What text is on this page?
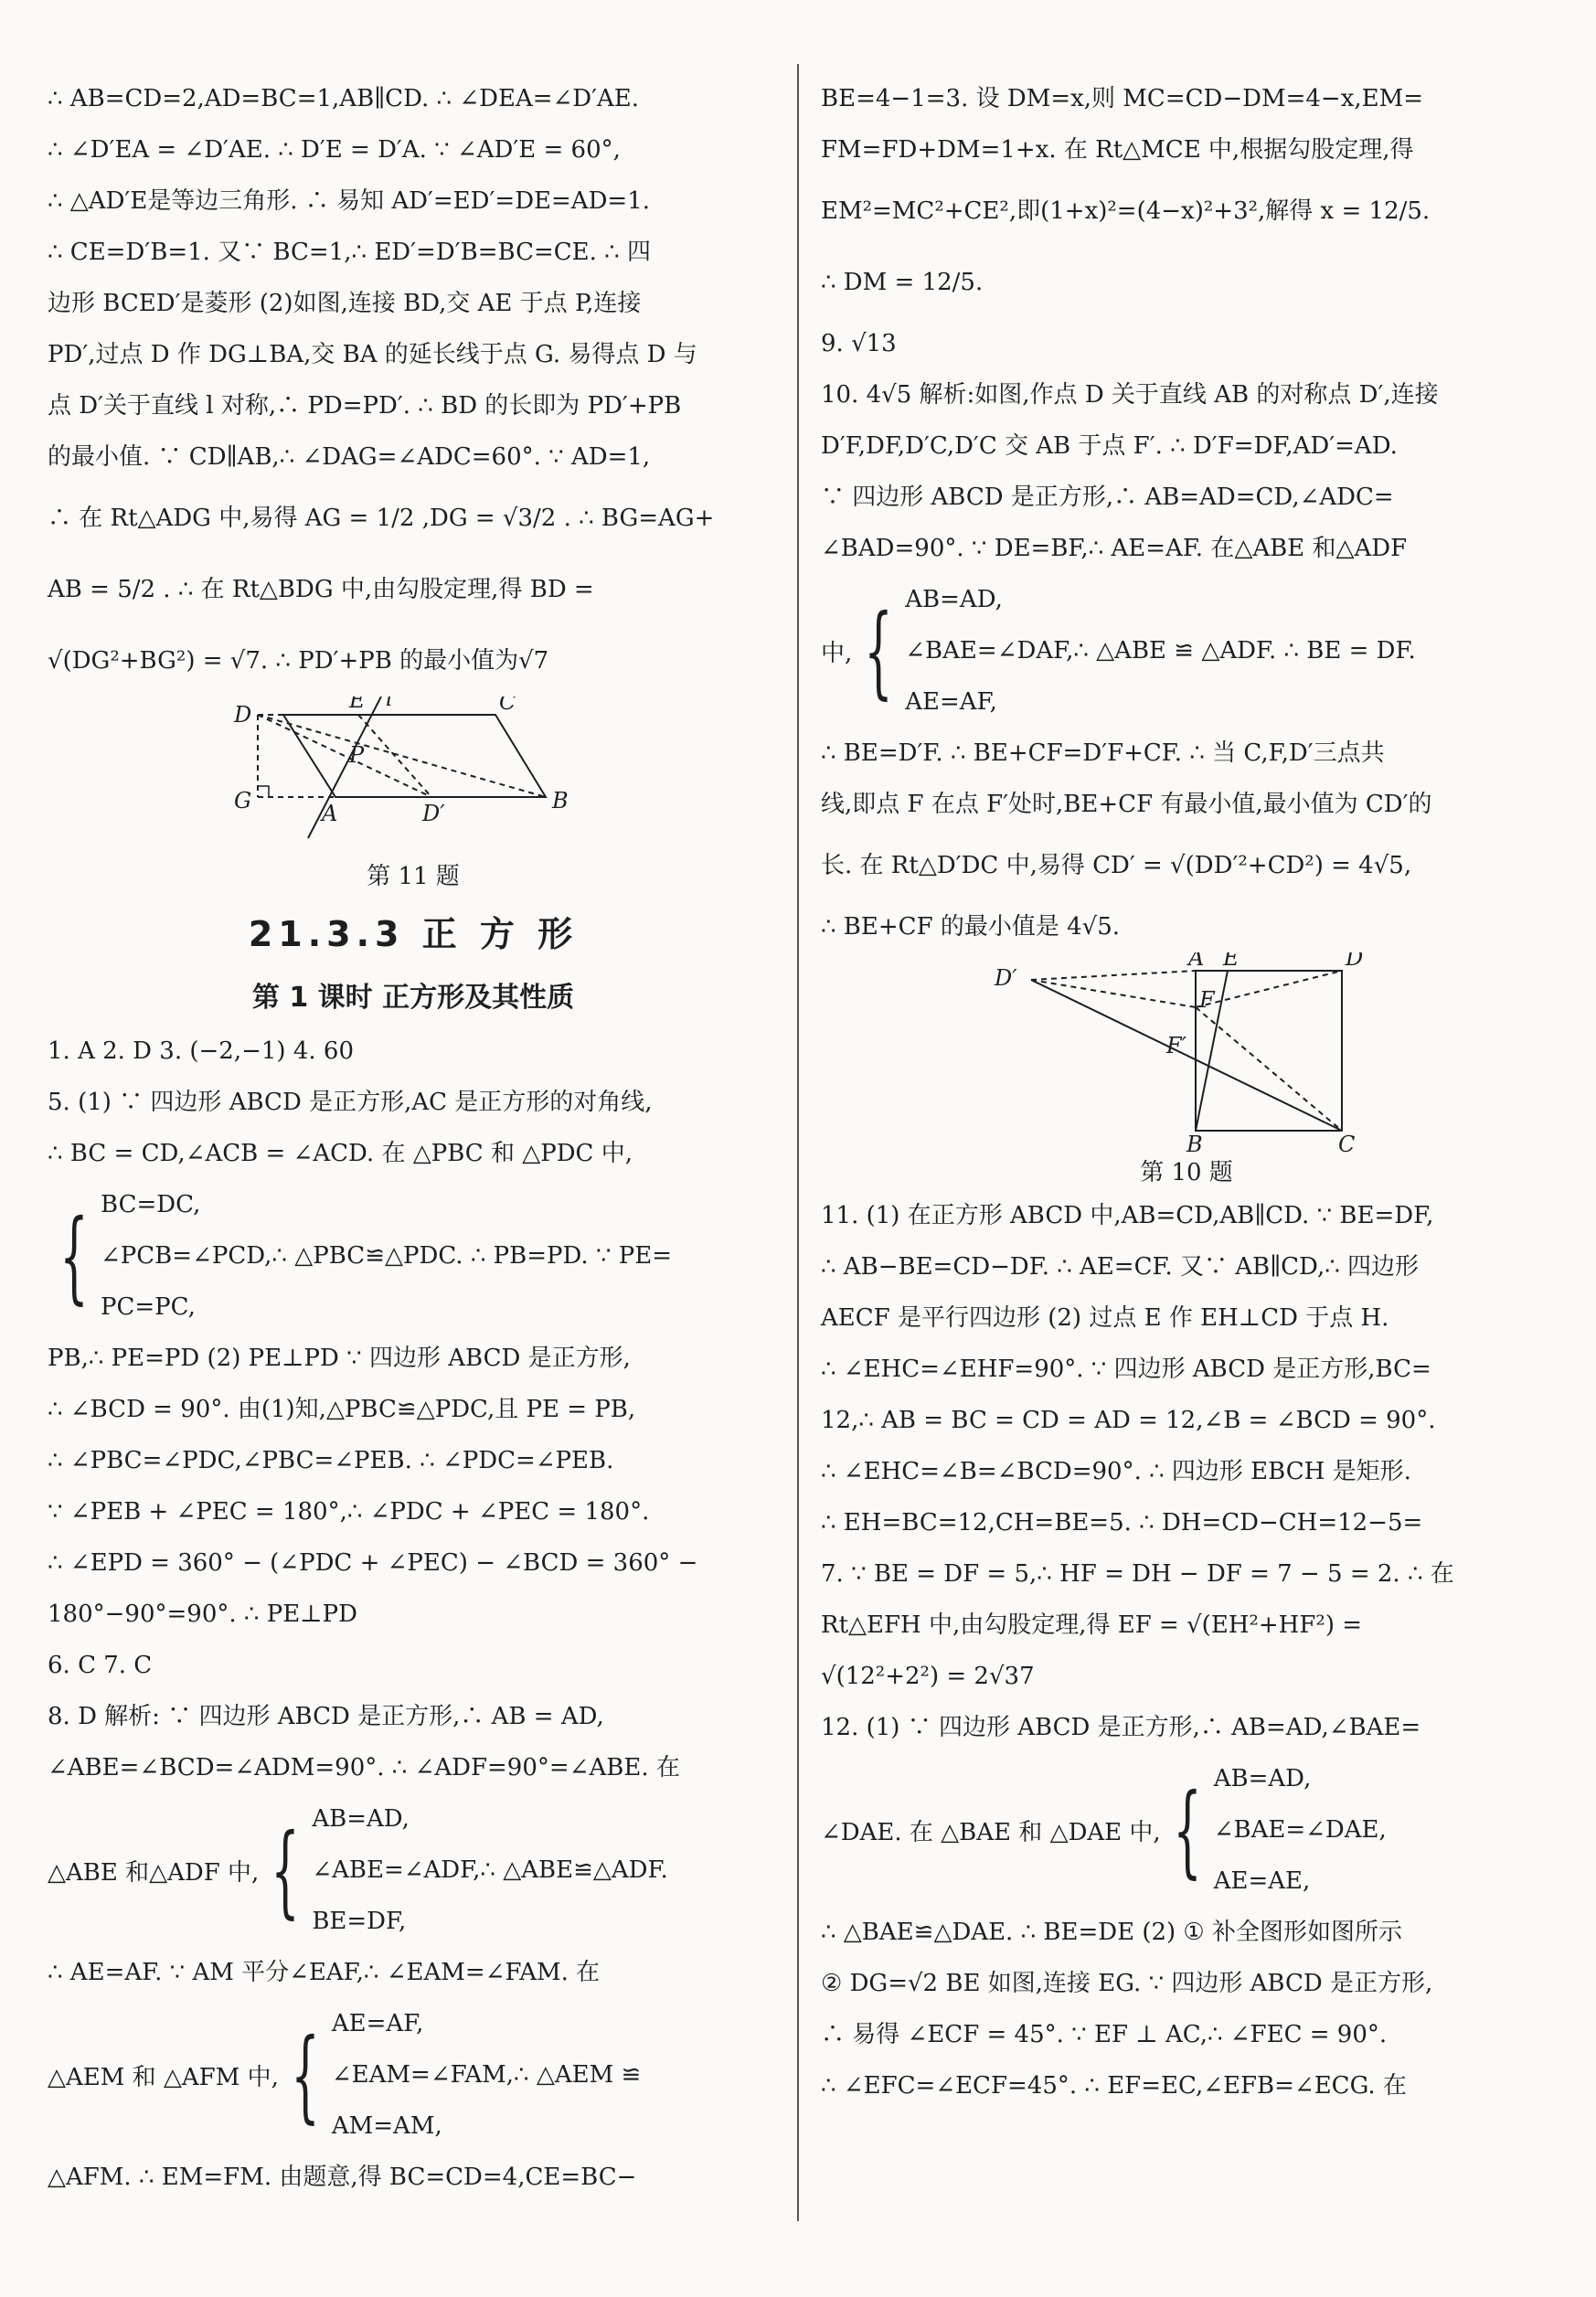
∴ AB=CD=2,AD=BC=1,AB∥CD. ∴ ∠DEA=∠D′AE.
∴ ∠D′EA = ∠D′AE. ∴ D′E = D′A. ∵ ∠AD′E = 60°,
∴ △AD′E是等边三角形. ∴ 易知 AD′=ED′=DE=AD=1.
∴ CE=D′B=1. 又∵ BC=1,∴ ED′=D′B=BC=CE. ∴ 四
边形 BCED′是菱形 (2)如图,连接 BD,交 AE 于点 P,连接
PD′,过点 D 作 DG⊥BA,交 BA 的延长线于点 G. 易得点 D 与
点 D′关于直线 l 对称,∴ PD=PD′. ∴ BD 的长即为 PD′+PB
的最小值. ∵ CD∥AB,∴ ∠DAG=∠ADC=60°. ∵ AD=1,
∴ 在 Rt△ADG 中,易得 AG = 1/2 ,DG = √3/2 . ∴ BG=AG+
AB = 5/2 . ∴ 在 Rt△BDG 中,由勾股定理,得 BD =
√(DG²+BG²) = √7. ∴ PD′+PB 的最小值为√7
D
E l	C
P
G	A	D′	B
第 11 题
21.3.3 正 方 形
第 1 课时 正方形及其性质
1. A 2. D 3. (−2,−1) 4. 60
5. (1) ∵ 四边形 ABCD 是正方形,AC 是正方形的对角线,
∴ BC = CD,∠ACB = ∠ACD. 在 △PBC 和 △PDC 中,
{ BC=DC,
∠PCB=∠PCD,∴ △PBC≌△PDC. ∴ PB=PD. ∵ PE=
PC=PC,
PB,∴ PE=PD (2) PE⊥PD ∵ 四边形 ABCD 是正方形,
∴ ∠BCD = 90°. 由(1)知,△PBC≌△PDC,且 PE = PB,
∴ ∠PBC=∠PDC,∠PBC=∠PEB. ∴ ∠PDC=∠PEB.
∵ ∠PEB + ∠PEC = 180°,∴ ∠PDC + ∠PEC = 180°.
∴ ∠EPD = 360° − (∠PDC + ∠PEC) − ∠BCD = 360° −
180°−90°=90°. ∴ PE⊥PD
6. C 7. C
8. D 解析: ∵ 四边形 ABCD 是正方形,∴ AB = AD,
∠ABE=∠BCD=∠ADM=90°. ∴ ∠ADF=90°=∠ABE. 在
△ABE 和△ADF 中, { AB=AD,
∠ABE=∠ADF,∴ △ABE≌△ADF.
BE=DF,
∴ AE=AF. ∵ AM 平分∠EAF,∴ ∠EAM=∠FAM. 在
△AEM 和 △AFM 中, { AE=AF,
∠EAM=∠FAM,∴ △AEM ≌
AM=AM,
△AFM. ∴ EM=FM. 由题意,得 BC=CD=4,CE=BC−
BE=4−1=3. 设 DM=x,则 MC=CD−DM=4−x,EM=
FM=FD+DM=1+x. 在 Rt△MCE 中,根据勾股定理,得
EM²=MC²+CE²,即(1+x)²=(4−x)²+3²,解得 x = 12/5.
∴ DM = 12/5.
9. √13
10. 4√5 解析:如图,作点 D 关于直线 AB 的对称点 D′,连接
D′F,DF,D′C,D′C 交 AB 于点 F′. ∴ D′F=DF,AD′=AD.
∵ 四边形 ABCD 是正方形,∴ AB=AD=CD,∠ADC=
∠BAD=90°. ∵ DE=BF,∴ AE=AF. 在△ABE 和△ADF
中, { AB=AD,
∠BAE=∠DAF,∴ △ABE ≌ △ADF. ∴ BE = DF.
AE=AF,
∴ BE=D′F. ∴ BE+CF=D′F+CF. ∴ 当 C,F,D′三点共
线,即点 F 在点 F′处时,BE+CF 有最小值,最小值为 CD′的
长. 在 Rt△D′DC 中,易得 CD′ = √(DD′²+CD²) = 4√5,
∴ BE+CF 的最小值是 4√5.
D′
A E	D
F
F′
B	C
第 10 题
11. (1) 在正方形 ABCD 中,AB=CD,AB∥CD. ∵ BE=DF,
∴ AB−BE=CD−DF. ∴ AE=CF. 又∵ AB∥CD,∴ 四边形
AECF 是平行四边形 (2) 过点 E 作 EH⊥CD 于点 H.
∴ ∠EHC=∠EHF=90°. ∵ 四边形 ABCD 是正方形,BC=
12,∴ AB = BC = CD = AD = 12,∠B = ∠BCD = 90°.
∴ ∠EHC=∠B=∠BCD=90°. ∴ 四边形 EBCH 是矩形.
∴ EH=BC=12,CH=BE=5. ∴ DH=CD−CH=12−5=
7. ∵ BE = DF = 5,∴ HF = DH − DF = 7 − 5 = 2. ∴ 在
Rt△EFH 中,由勾股定理,得 EF = √(EH²+HF²) =
√(12²+2²) = 2√37
12. (1) ∵ 四边形 ABCD 是正方形,∴ AB=AD,∠BAE=
∠DAE. 在 △BAE 和 △DAE 中, { AB=AD,
∠BAE=∠DAE,
AE=AE,
∴ △BAE≌△DAE. ∴ BE=DE (2) ① 补全图形如图所示
② DG=√2 BE 如图,连接 EG. ∵ 四边形 ABCD 是正方形,
∴ 易得 ∠ECF = 45°. ∵ EF ⊥ AC,∴ ∠FEC = 90°.
∴ ∠EFC=∠ECF=45°. ∴ EF=EC,∠EFB=∠ECG. 在
